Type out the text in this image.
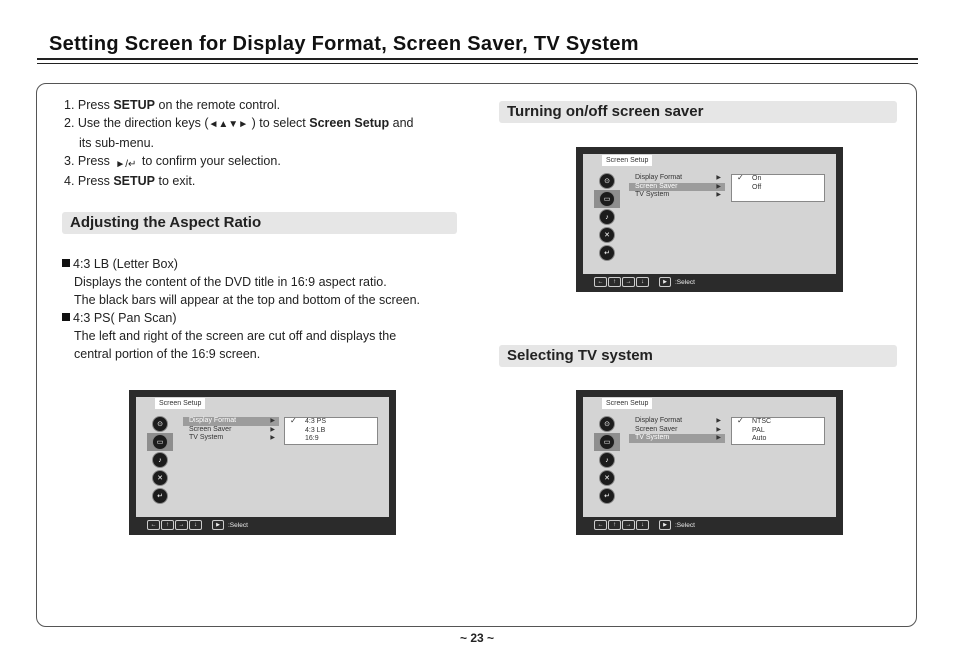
Setting Screen for Display Format, Screen Saver, TV System
1. Press SETUP on the remote control.
2. Use the direction keys (◄▲▼► ) to select Screen Setup and
its sub-menu.
3. Press ►/↵ to confirm your selection.
4. Press SETUP to exit.
Adjusting the Aspect Ratio
Turning on/off screen saver
Selecting TV system
4:3 LB (Letter Box)
Displays the content of the DVD title in 16:9 aspect ratio.
The black bars will appear at the top and bottom of the screen.
4:3 PS( Pan Scan)
The left and right of the screen are cut off and displays the
central portion of the 16:9 screen.
Screen Setup
⊙
▭
♪
✕
↵
Display Format	▶
Screen Saver	▶
TV System	▶
✓ On
Off
←	↑	→	↓	▶	:Select
Screen Setup
⊙
▭
♪
✕
↵
Display Format	▶
Screen Saver	▶
TV System	▶
✓ 4:3 PS
4:3 LB
16:9
←	↑	→	↓	▶	:Select
Screen Setup
⊙
▭
♪
✕
↵
Display Format	▶
Screen Saver	▶
TV System	▶
✓ NTSC
PAL
Auto
←	↑	→	↓	▶	:Select
~ 23 ~
